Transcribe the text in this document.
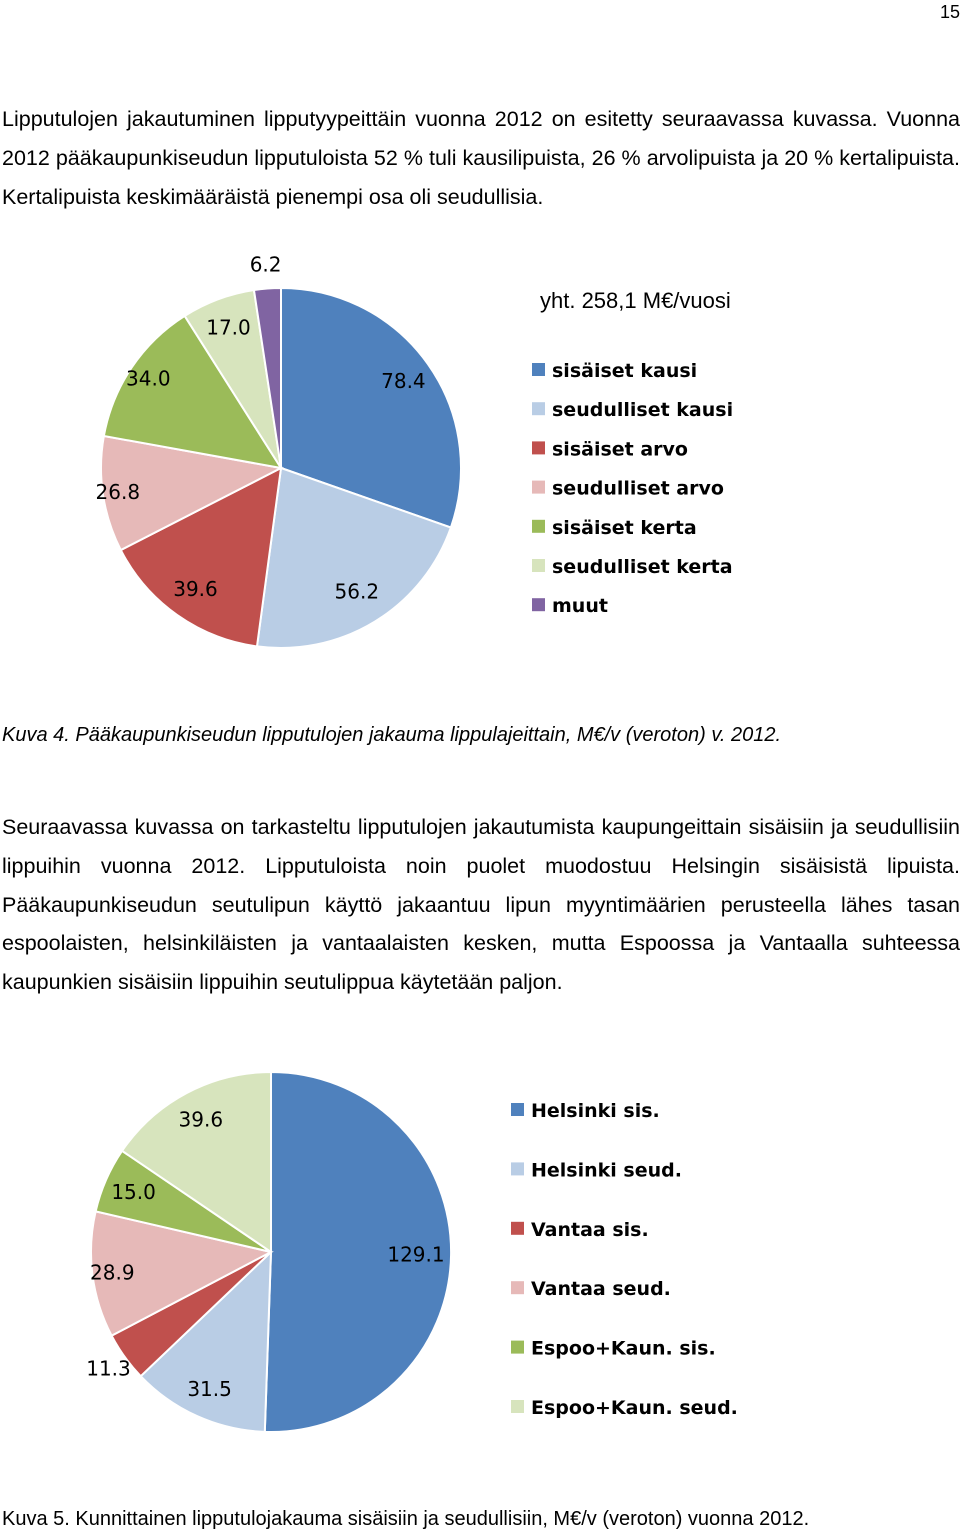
15

Lipputulojen jakautuminen lipputyypeittäin vuonna 2012 on esitetty seuraavassa kuvassa. Vuonna 2012 pääkaupunkiseudun lipputuloista 52 % tuli kausilipuista, 26 % arvolipuista ja 20 % kertalipuista. Kertalipuista keskimääräistä pienempi osa oli seudullisia.

78.4
56.2
39.6
26.8
34.0
17.0
6.2
sisäiset kausi
seudulliset kausi
sisäiset arvo
seudulliset arvo
sisäiset kerta
seudulliset kerta
muut
yht. 258,1 M€/vuosi

Kuva 4. Pääkaupunkiseudun lipputulojen jakauma lippulajeittain, M€/v (veroton) v. 2012.

Seuraavassa kuvassa on tarkasteltu lipputulojen jakautumista kaupungeittain sisäisiin ja seudullisiin lippuihin vuonna 2012. Lipputuloista noin puolet muodostuu Helsingin sisäisistä lipuista. Pääkaupunkiseudun seutulipun käyttö jakaantuu lipun myyntimäärien perusteella lähes tasan espoolaisten, helsinkiläisten ja vantaalaisten kesken, mutta Espoossa ja Vantaalla suhteessa kaupunkien sisäisiin lippuihin seutulippua käytetään paljon.

129.1
31.5
11.3
28.9
15.0
39.6	Helsinki sis.
Helsinki seud.
Vantaa sis.
Vantaa seud.
Espoo+Kaun. sis.
Espoo+Kaun. seud.

Kuva 5. Kunnittainen lipputulojakauma sisäisiin ja seudullisiin, M€/v (veroton) vuonna 2012.
